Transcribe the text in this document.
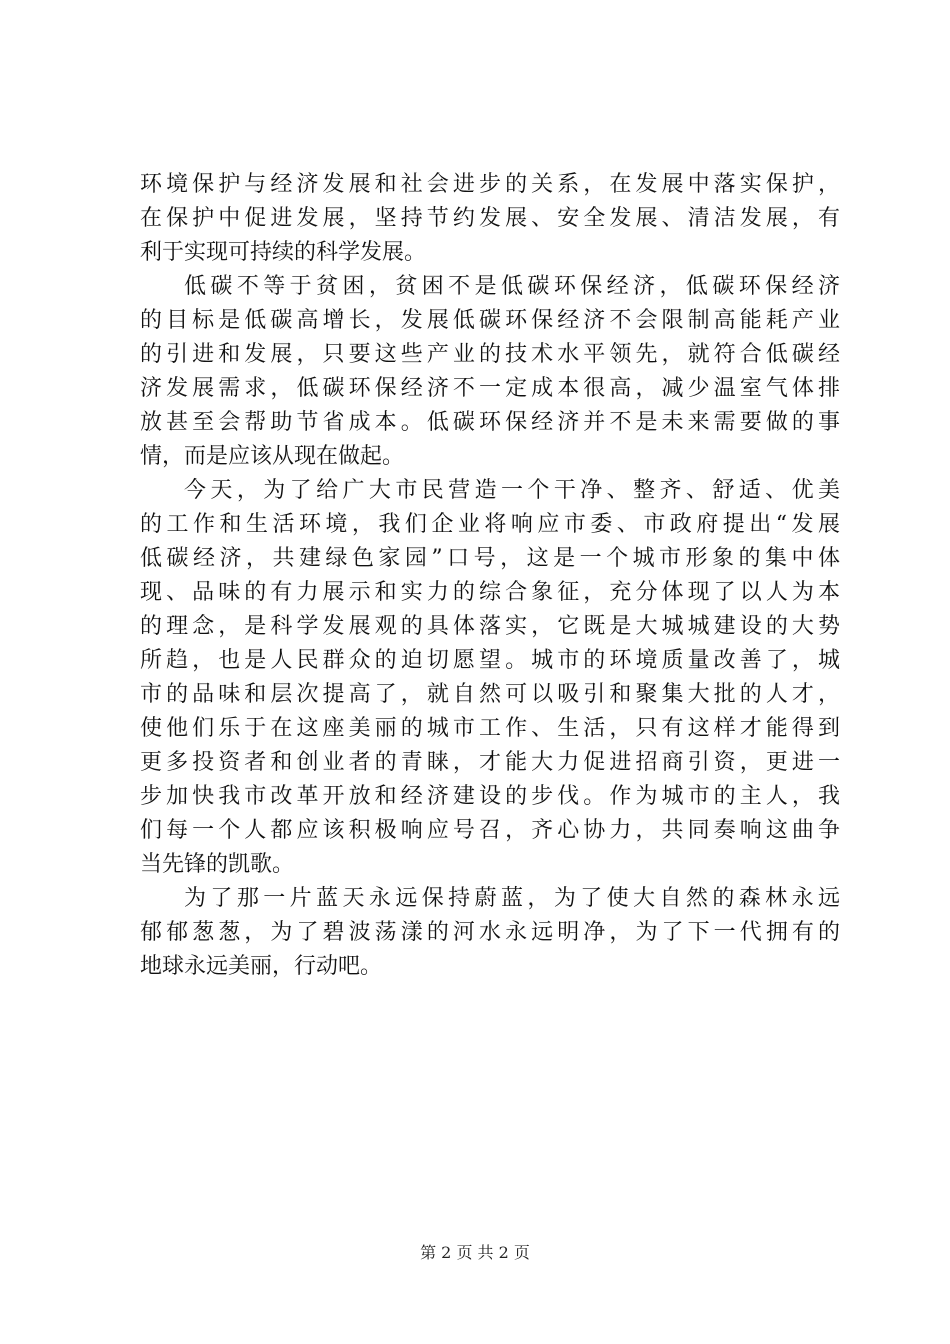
环境保护与经济发展和社会进步的关系，在发展中落实保护，
在保护中促进发展，坚持节约发展、安全发展、清洁发展，有
利于实现可持续的科学发展。
低碳不等于贫困，贫困不是低碳环保经济，低碳环保经济
的目标是低碳高增长，发展低碳环保经济不会限制高能耗产业
的引进和发展，只要这些产业的技术水平领先，就符合低碳经
济发展需求，低碳环保经济不一定成本很高，减少温室气体排
放甚至会帮助节省成本。低碳环保经济并不是未来需要做的事
情，而是应该从现在做起。
今天，为了给广大市民营造一个干净、整齐、舒适、优美
的工作和生活环境，我们企业将响应市委、市政府提出“发展
低碳经济，共建绿色家园”口号，这是一个城市形象的集中体
现、品味的有力展示和实力的综合象征，充分体现了以人为本
的理念，是科学发展观的具体落实，它既是大城城建设的大势
所趋，也是人民群众的迫切愿望。城市的环境质量改善了，城
市的品味和层次提高了，就自然可以吸引和聚集大批的人才，
使他们乐于在这座美丽的城市工作、生活，只有这样才能得到
更多投资者和创业者的青睐，才能大力促进招商引资，更进一
步加快我市改革开放和经济建设的步伐。作为城市的主人，我
们每一个人都应该积极响应号召，齐心协力，共同奏响这曲争
当先锋的凯歌。
为了那一片蓝天永远保持蔚蓝，为了使大自然的森林永远
郁郁葱葱，为了碧波荡漾的河水永远明净，为了下一代拥有的
地球永远美丽，行动吧。
第 2 页 共 2 页
